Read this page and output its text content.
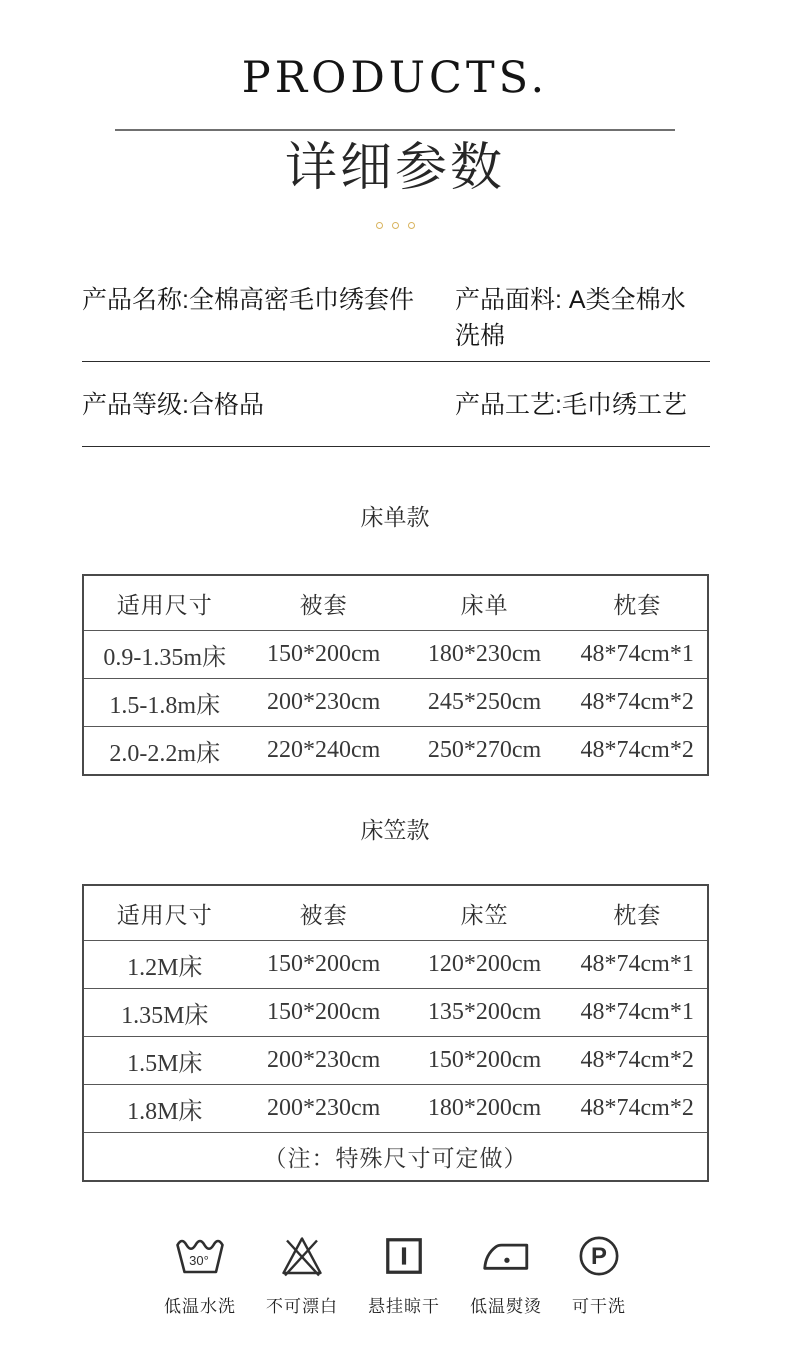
PRODUCTS.
详细参数
产品名称:全棉高密毛巾绣套件	产品面料: A类全棉水洗棉
产品等级:合格品	产品工艺:毛巾绣工艺
床单款
适用尺寸	被套	床单	枕套
0.9-1.35m床	150*200cm	180*230cm	48*74cm*1
1.5-1.8m床	200*230cm	245*250cm	48*74cm*2
2.0-2.2m床	220*240cm	250*270cm	48*74cm*2
床笠款
适用尺寸	被套	床笠	枕套
1.2M床	150*200cm	120*200cm	48*74cm*1
1.35M床	150*200cm	135*200cm	48*74cm*1
1.5M床	200*230cm	150*200cm	48*74cm*2
1.8M床	200*230cm	180*200cm	48*74cm*2
（注：特殊尺寸可定做）			
30°
低温水洗 不可漂白 悬挂晾干 低温熨烫
P
可干洗
